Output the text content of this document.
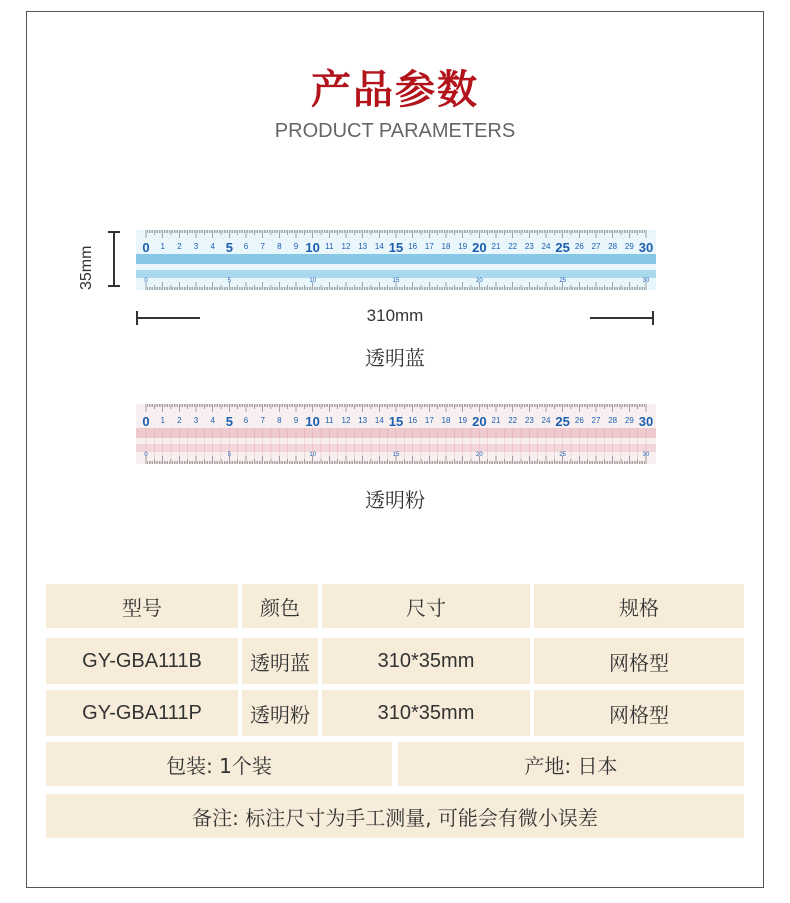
产品参数
PRODUCT PARAMETERS
35mm	0
0
1 2 3 4 5
5
6 7 8 9 10
10
11 12 13 14 15
15
16 17 18 19 20
20
21 22 23 24 25
25
26 27 28 29 30
30
310mm
透明蓝
0
0
1 2 3 4 5
5
6 7 8 9 10
10
11 12 13 14 15
15
16 17 18 19 20
20
21 22 23 24 25
25
26 27 28 29 30
30
透明粉
型号	颜色	尺寸	规格
GY-GBA111B	透明蓝	310*35mm	网格型
GY-GBA111P	透明粉	310*35mm	网格型
包装: 1个装	产地: 日本
备注: 标注尺寸为手工测量, 可能会有微小误差
